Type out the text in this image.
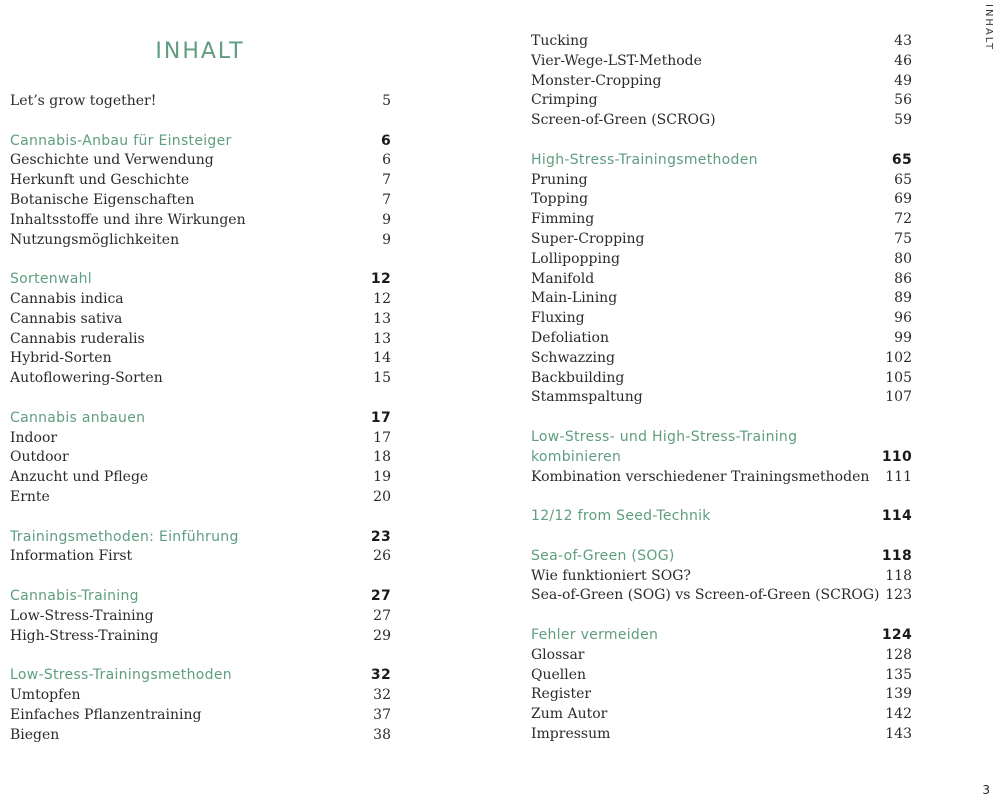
INHALT
Let’s grow together!	5
Cannabis-Anbau für Einsteiger	6
Geschichte und Verwendung	6
Herkunft und Geschichte	7
Botanische Eigenschaften	7
Inhaltsstoffe und ihre Wirkungen	9
Nutzungsmöglichkeiten	9
Sortenwahl	12
Cannabis indica	12
Cannabis sativa	13
Cannabis ruderalis	13
Hybrid-Sorten	14
Autoflowering-Sorten	15
Cannabis anbauen	17
Indoor	17
Outdoor	18
Anzucht und Pflege	19
Ernte	20
Trainingsmethoden: Einführung	23
Information First	26
Cannabis-Training	27
Low-Stress-Training	27
High-Stress-Training	29
Low-Stress-Trainingsmethoden	32
Umtopfen	32
Einfaches Pflanzentraining	37
Biegen	38
Tucking	43
Vier-Wege-LST-Methode	46
Monster-Cropping	49
Crimping	56
Screen-of-Green (SCROG)	59
High-Stress-Trainingsmethoden	65
Pruning	65
Topping	69
Fimming	72
Super-Cropping	75
Lollipopping	80
Manifold	86
Main-Lining	89
Fluxing	96
Defoliation	99
Schwazzing	102
Backbuilding	105
Stammspaltung	107
Low-Stress- und High-Stress-Training
kombinieren	110
Kombination verschiedener Trainingsmethoden 111
12/12 from Seed-Technik	114
Sea-of-Green (SOG)	118
Wie funktioniert SOG?	118
Sea-of-Green (SOG) vs Screen-of-Green (SCROG) 123
Fehler vermeiden	124
Glossar	128
Quellen	135
Register	139
Zum Autor	142
Impressum	143
INHALT
3
